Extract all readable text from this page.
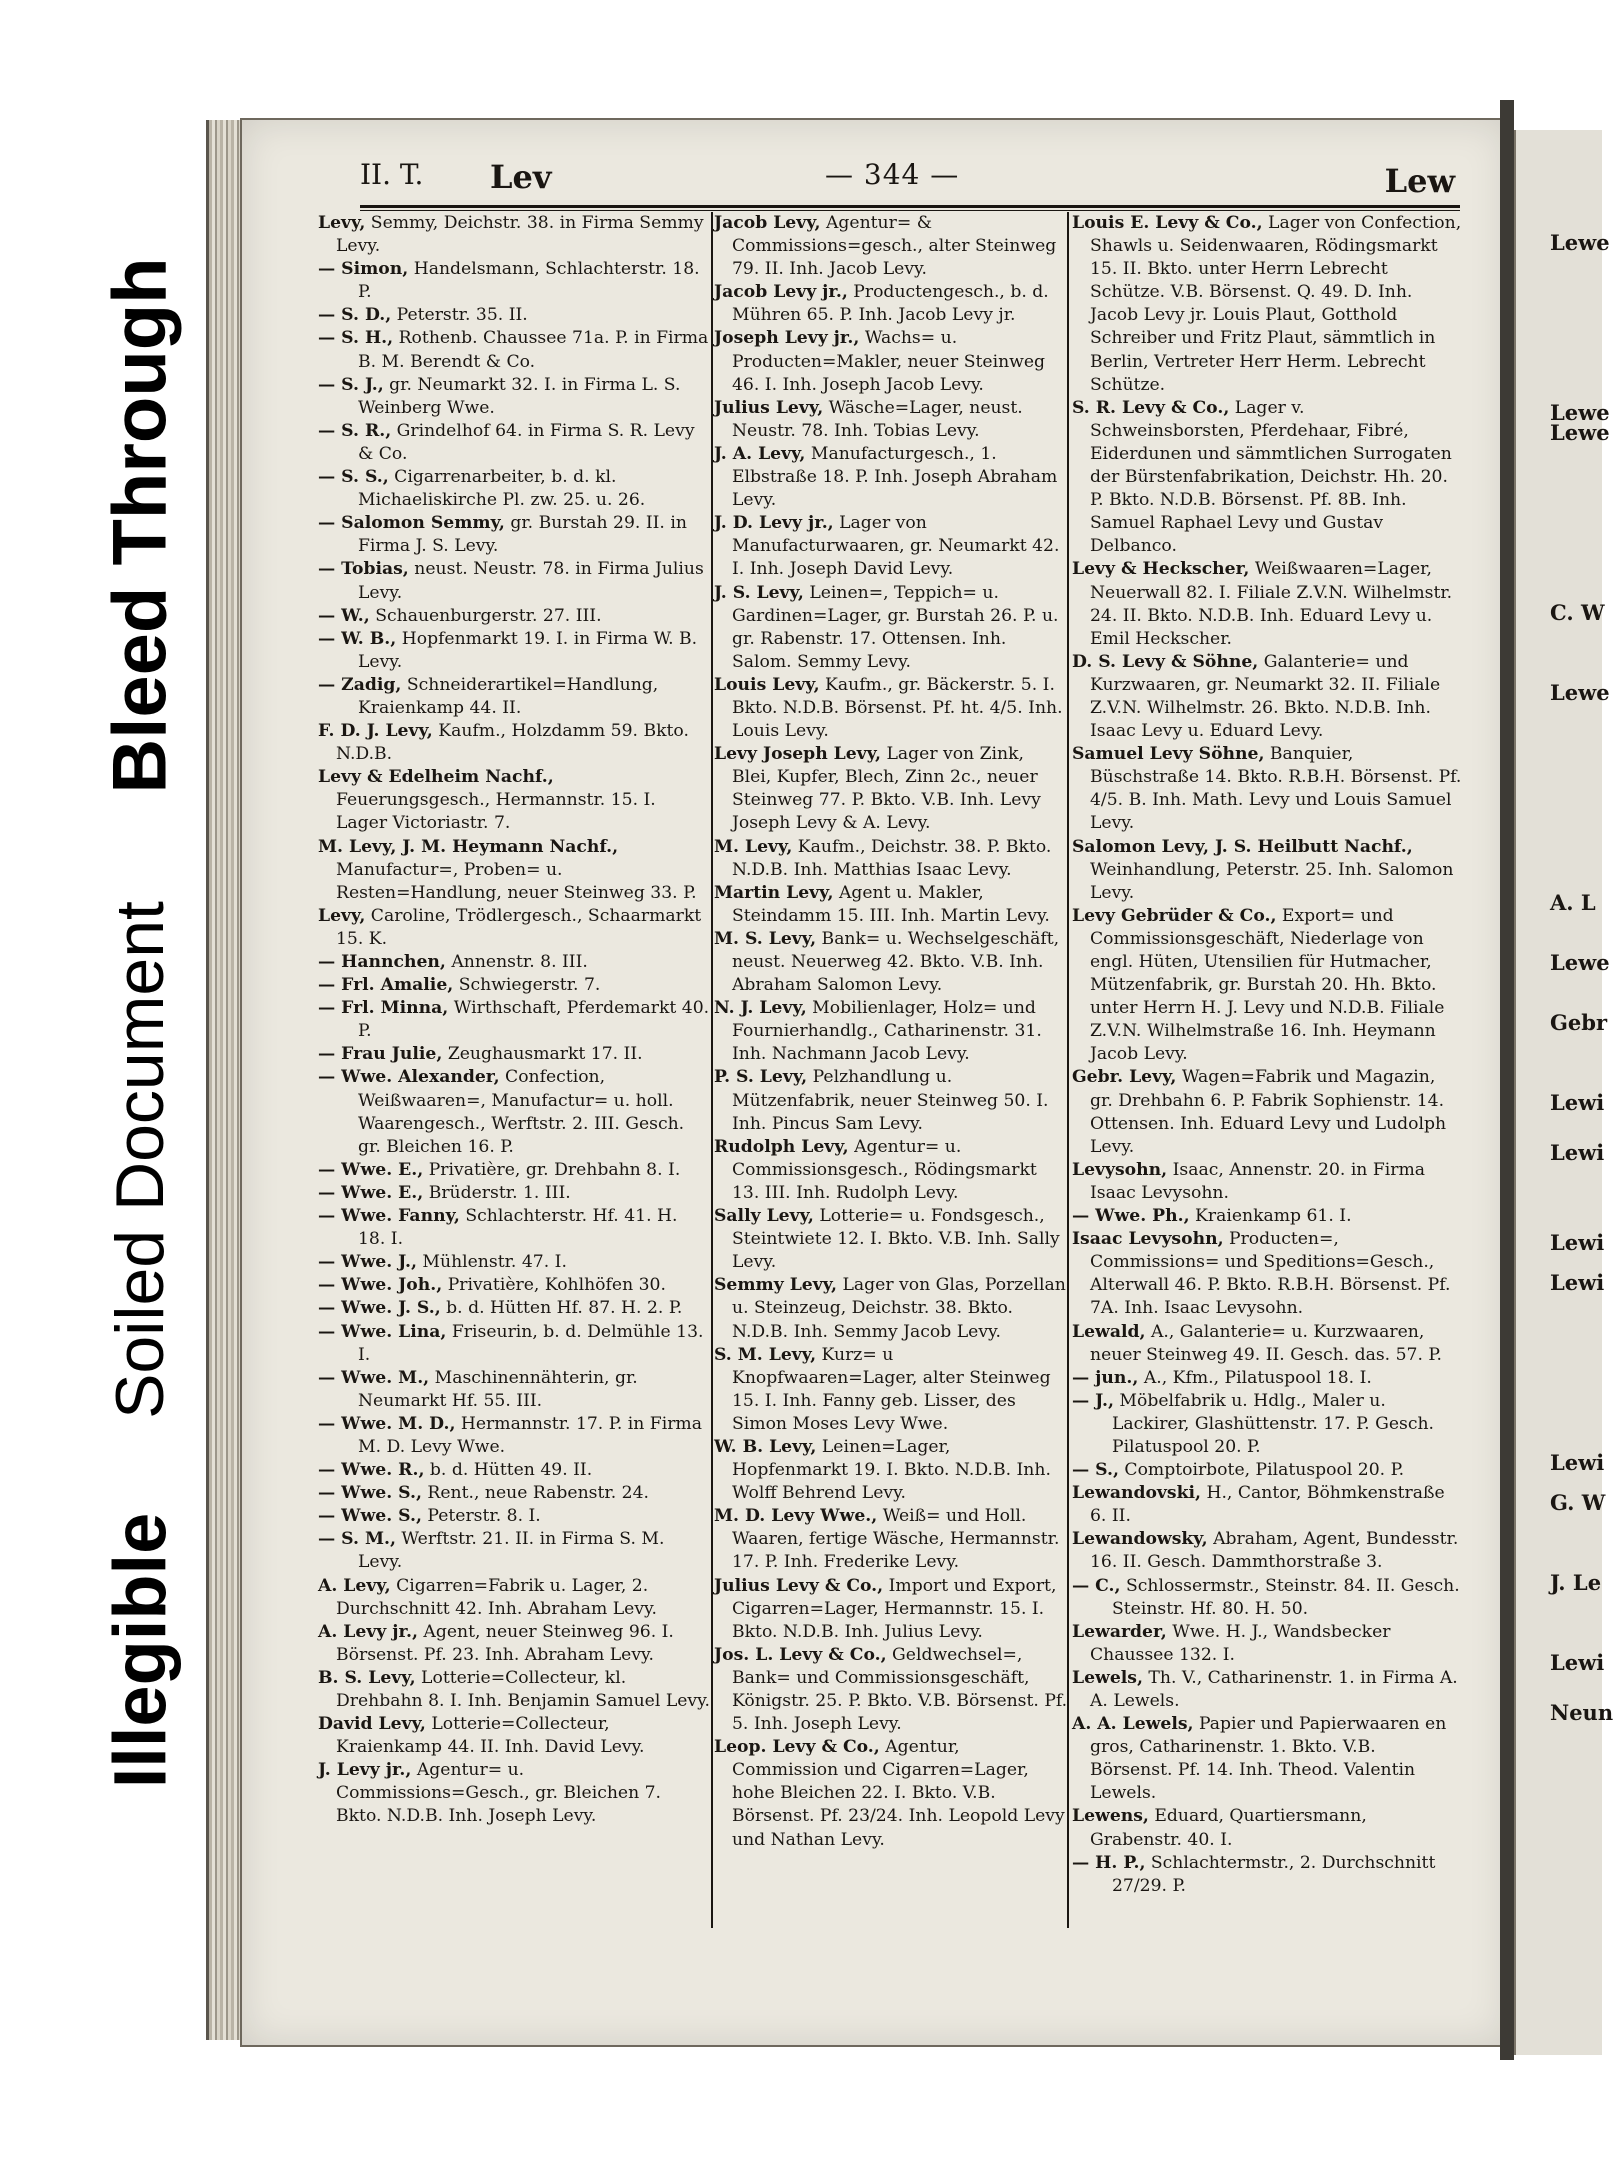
Bleed Through
Soiled Document
Illegible
Lewe
Lewe
Lewe
C. W
Lewe
A. L
Lewe
Gebr
Lewi
Lewi
Lewi
Lewi
Lewi
G. W
J. Le
Lewi
Neun
II. T. Lev	— 344 —	Lew

Levy, Semmy, Deichstr. 38. in Firma Semmy Levy.

— Simon, Handelsmann, Schlachterstr. 18. P.

— S. D., Peterstr. 35. II.

— S. H., Rothenb. Chaussee 71a. P. in Firma B. M. Berendt & Co.

— S. J., gr. Neumarkt 32. I. in Firma L. S. Weinberg Wwe.

— S. R., Grindelhof 64. in Firma S. R. Levy & Co.

— S. S., Cigarrenarbeiter, b. d. kl. Michaeliskirche Pl. zw. 25. u. 26.

— Salomon Semmy, gr. Burstah 29. II. in Firma J. S. Levy.

— Tobias, neust. Neustr. 78. in Firma Julius Levy.

— W., Schauenburgerstr. 27. III.

— W. B., Hopfenmarkt 19. I. in Firma W. B. Levy.

— Zadig, Schneiderartikel=Handlung, Kraienkamp 44. II.

F. D. J. Levy, Kaufm., Holzdamm 59. Bkto. N.D.B.

Levy & Edelheim Nachf., Feuerungsgesch., Hermannstr. 15. I. Lager Victoriastr. 7.

M. Levy, J. M. Heymann Nachf., Manufactur=, Proben= u. Resten=Handlung, neuer Steinweg 33. P.

Levy, Caroline, Trödlergesch., Schaarmarkt 15. K.

— Hannchen, Annenstr. 8. III.

— Frl. Amalie, Schwiegerstr. 7.

— Frl. Minna, Wirthschaft, Pferdemarkt 40. P.

— Frau Julie, Zeughausmarkt 17. II.

— Wwe. Alexander, Confection, Weißwaaren=, Manufactur= u. holl. Waarengesch., Werftstr. 2. III. Gesch. gr. Bleichen 16. P.

— Wwe. E., Privatière, gr. Drehbahn 8. I.

— Wwe. E., Brüderstr. 1. III.

— Wwe. Fanny, Schlachterstr. Hf. 41. H. 18. I.

— Wwe. J., Mühlenstr. 47. I.

— Wwe. Joh., Privatière, Kohlhöfen 30.

— Wwe. J. S., b. d. Hütten Hf. 87. H. 2. P.

— Wwe. Lina, Friseurin, b. d. Delmühle 13. I.

— Wwe. M., Maschinennähterin, gr. Neumarkt Hf. 55. III.

— Wwe. M. D., Hermannstr. 17. P. in Firma M. D. Levy Wwe.

— Wwe. R., b. d. Hütten 49. II.

— Wwe. S., Rent., neue Rabenstr. 24.

— Wwe. S., Peterstr. 8. I.

— S. M., Werftstr. 21. II. in Firma S. M. Levy.

A. Levy, Cigarren=Fabrik u. Lager, 2. Durchschnitt 42. Inh. Abraham Levy.

A. Levy jr., Agent, neuer Steinweg 96. I. Börsenst. Pf. 23. Inh. Abraham Levy.

B. S. Levy, Lotterie=Collecteur, kl. Drehbahn 8. I. Inh. Benjamin Samuel Levy.

David Levy, Lotterie=Collecteur, Kraienkamp 44. II. Inh. David Levy.

J. Levy jr., Agentur= u. Commissions=Gesch., gr. Bleichen 7. Bkto. N.D.B. Inh. Joseph Levy.

Jacob Levy, Agentur= & Commissions=gesch., alter Steinweg 79. II. Inh. Jacob Levy.

Jacob Levy jr., Productengesch., b. d. Mühren 65. P. Inh. Jacob Levy jr.

Joseph Levy jr., Wachs= u. Producten=Makler, neuer Steinweg 46. I. Inh. Joseph Jacob Levy.

Julius Levy, Wäsche=Lager, neust. Neustr. 78. Inh. Tobias Levy.

J. A. Levy, Manufacturgesch., 1. Elbstraße 18. P. Inh. Joseph Abraham Levy.

J. D. Levy jr., Lager von Manufacturwaaren, gr. Neumarkt 42. I. Inh. Joseph David Levy.

J. S. Levy, Leinen=, Teppich= u. Gardinen=Lager, gr. Burstah 26. P. u. gr. Rabenstr. 17. Ottensen. Inh. Salom. Semmy Levy.

Louis Levy, Kaufm., gr. Bäckerstr. 5. I. Bkto. N.D.B. Börsenst. Pf. ht. 4/5. Inh. Louis Levy.

Levy Joseph Levy, Lager von Zink, Blei, Kupfer, Blech, Zinn 2c., neuer Steinweg 77. P. Bkto. V.B. Inh. Levy Joseph Levy & A. Levy.

M. Levy, Kaufm., Deichstr. 38. P. Bkto. N.D.B. Inh. Matthias Isaac Levy.

Martin Levy, Agent u. Makler, Steindamm 15. III. Inh. Martin Levy.

M. S. Levy, Bank= u. Wechselgeschäft, neust. Neuerweg 42. Bkto. V.B. Inh. Abraham Salomon Levy.

N. J. Levy, Mobilienlager, Holz= und Fournierhandlg., Catharinenstr. 31. Inh. Nachmann Jacob Levy.

P. S. Levy, Pelzhandlung u. Mützenfabrik, neuer Steinweg 50. I. Inh. Pincus Sam Levy.

Rudolph Levy, Agentur= u. Commissionsgesch., Rödingsmarkt 13. III. Inh. Rudolph Levy.

Sally Levy, Lotterie= u. Fondsgesch., Steintwiete 12. I. Bkto. V.B. Inh. Sally Levy.

Semmy Levy, Lager von Glas, Porzellan u. Steinzeug, Deichstr. 38. Bkto. N.D.B. Inh. Semmy Jacob Levy.

S. M. Levy, Kurz= u Knopfwaaren=Lager, alter Steinweg 15. I. Inh. Fanny geb. Lisser, des Simon Moses Levy Wwe.

W. B. Levy, Leinen=Lager, Hopfenmarkt 19. I. Bkto. N.D.B. Inh. Wolff Behrend Levy.

M. D. Levy Wwe., Weiß= und Holl. Waaren, fertige Wäsche, Hermannstr. 17. P. Inh. Frederike Levy.

Julius Levy & Co., Import und Export, Cigarren=Lager, Hermannstr. 15. I. Bkto. N.D.B. Inh. Julius Levy.

Jos. L. Levy & Co., Geldwechsel=, Bank= und Commissionsgeschäft, Königstr. 25. P. Bkto. V.B. Börsenst. Pf. 5. Inh. Joseph Levy.

Leop. Levy & Co., Agentur, Commission und Cigarren=Lager, hohe Bleichen 22. I. Bkto. V.B. Börsenst. Pf. 23/24. Inh. Leopold Levy und Nathan Levy.

Louis E. Levy & Co., Lager von Confection, Shawls u. Seidenwaaren, Rödingsmarkt 15. II. Bkto. unter Herrn Lebrecht Schütze. V.B. Börsenst. Q. 49. D. Inh. Jacob Levy jr. Louis Plaut, Gotthold Schreiber und Fritz Plaut, sämmtlich in Berlin, Vertreter Herr Herm. Lebrecht Schütze.

S. R. Levy & Co., Lager v. Schweinsborsten, Pferdehaar, Fibré, Eiderdunen und sämmtlichen Surrogaten der Bürstenfabrikation, Deichstr. Hh. 20. P. Bkto. N.D.B. Börsenst. Pf. 8B. Inh. Samuel Raphael Levy und Gustav Delbanco.

Levy & Heckscher, Weißwaaren=Lager, Neuerwall 82. I. Filiale Z.V.N. Wilhelmstr. 24. II. Bkto. N.D.B. Inh. Eduard Levy u. Emil Heckscher.

D. S. Levy & Söhne, Galanterie= und Kurzwaaren, gr. Neumarkt 32. II. Filiale Z.V.N. Wilhelmstr. 26. Bkto. N.D.B. Inh. Isaac Levy u. Eduard Levy.

Samuel Levy Söhne, Banquier, Büschstraße 14. Bkto. R.B.H. Börsenst. Pf. 4/5. B. Inh. Math. Levy und Louis Samuel Levy.

Salomon Levy, J. S. Heilbutt Nachf., Weinhandlung, Peterstr. 25. Inh. Salomon Levy.

Levy Gebrüder & Co., Export= und Commissionsgeschäft, Niederlage von engl. Hüten, Utensilien für Hutmacher, Mützenfabrik, gr. Burstah 20. Hh. Bkto. unter Herrn H. J. Levy und N.D.B. Filiale Z.V.N. Wilhelmstraße 16. Inh. Heymann Jacob Levy.

Gebr. Levy, Wagen=Fabrik und Magazin, gr. Drehbahn 6. P. Fabrik Sophienstr. 14. Ottensen. Inh. Eduard Levy und Ludolph Levy.

Levysohn, Isaac, Annenstr. 20. in Firma Isaac Levysohn.

— Wwe. Ph., Kraienkamp 61. I.

Isaac Levysohn, Producten=, Commissions= und Speditions=Gesch., Alterwall 46. P. Bkto. R.B.H. Börsenst. Pf. 7A. Inh. Isaac Levysohn.

Lewald, A., Galanterie= u. Kurzwaaren, neuer Steinweg 49. II. Gesch. das. 57. P.

— jun., A., Kfm., Pilatuspool 18. I.

— J., Möbelfabrik u. Hdlg., Maler u. Lackirer, Glashüttenstr. 17. P. Gesch. Pilatuspool 20. P.

— S., Comptoirbote, Pilatuspool 20. P.

Lewandovski, H., Cantor, Böhmkenstraße 6. II.

Lewandowsky, Abraham, Agent, Bundesstr. 16. II. Gesch. Dammthorstraße 3.

— C., Schlossermstr., Steinstr. 84. II. Gesch. Steinstr. Hf. 80. H. 50.

Lewarder, Wwe. H. J., Wandsbecker Chaussee 132. I.

Lewels, Th. V., Catharinenstr. 1. in Firma A. A. Lewels.

A. A. Lewels, Papier und Papierwaaren en gros, Catharinenstr. 1. Bkto. V.B. Börsenst. Pf. 14. Inh. Theod. Valentin Lewels.

Lewens, Eduard, Quartiersmann, Grabenstr. 40. I.

— H. P., Schlachtermstr., 2. Durchschnitt 27/29. P.
